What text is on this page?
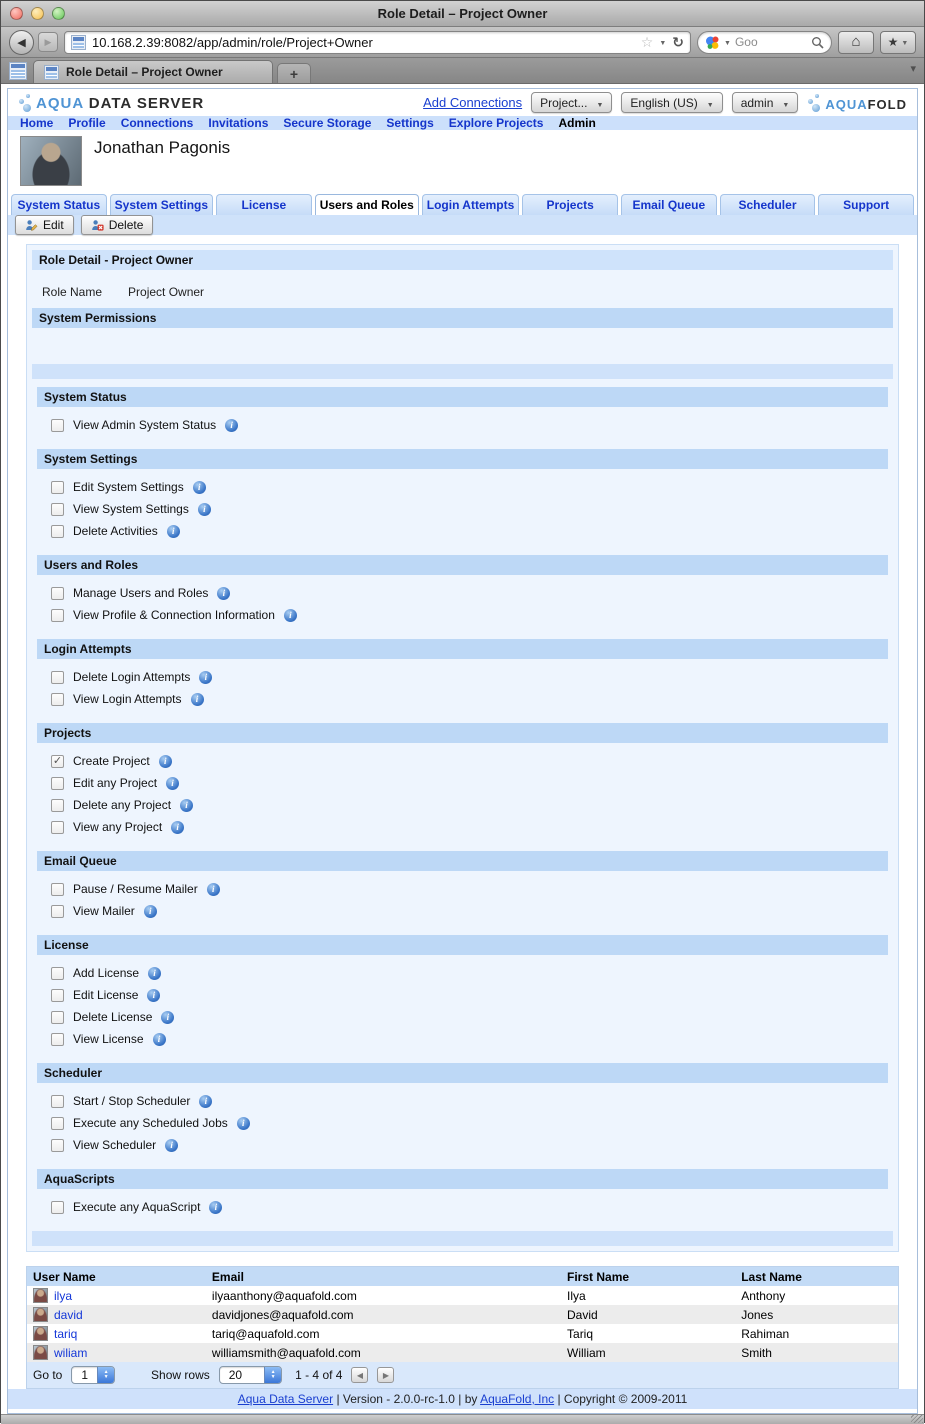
Role Detail – Project Owner
◀
▶
10.168.2.39:8082/app/admin/role/Project+Owner ☆ ▼ ↻ ▼	Goo
⌂
★
▼
Role Detail – Project Owner
+
▾
AQUA DATA SERVER	Add Connections Project... ▼	English (US) ▼	admin ▼	AQUAFOLD
Home Profile Connections Invitations Secure Storage Settings Explore Projects Admin
Jonathan Pagonis
System Status	System Settings	License	Users and Roles	Login Attempts	Projects	Email Queue	Scheduler	Support
Edit	Delete
Role Detail - Project Owner
Role Name Project Owner
System Permissions
System Status
View Admin System Status
i
System Settings
Edit System Settings
i
View System Settings
i
Delete Activities
i
Users and Roles
Manage Users and Roles
i
View Profile & Connection Information
i
Login Attempts
Delete Login Attempts
i
View Login Attempts
i
Projects
✓
Create Project
i
Edit any Project
i
Delete any Project
i
View any Project
i
Email Queue
Pause / Resume Mailer
i
View Mailer
i
License
Add License
i
Edit License
i
Delete License
i
View License
i
Scheduler
Start / Stop Scheduler
i
Execute any Scheduled Jobs
i
View Scheduler
i
AquaScripts
Execute any AquaScript
i
User Name	Email	First Name	Last Name
ilya	ilyaanthony@aquafold.com	Ilya	Anthony
david	davidjones@aquafold.com	David	Jones
tariq	tariq@aquafold.com	Tariq	Rahiman
wiliam	williamsmith@aquafold.com	William	Smith
Go to	1 ▲ ▼	Show rows	20 ▲ ▼	1 - 4 of 4
◀
▶
Aqua Data Server | Version - 2.0.0-rc-1.0 | by AquaFold, Inc | Copyright © 2009-2011
